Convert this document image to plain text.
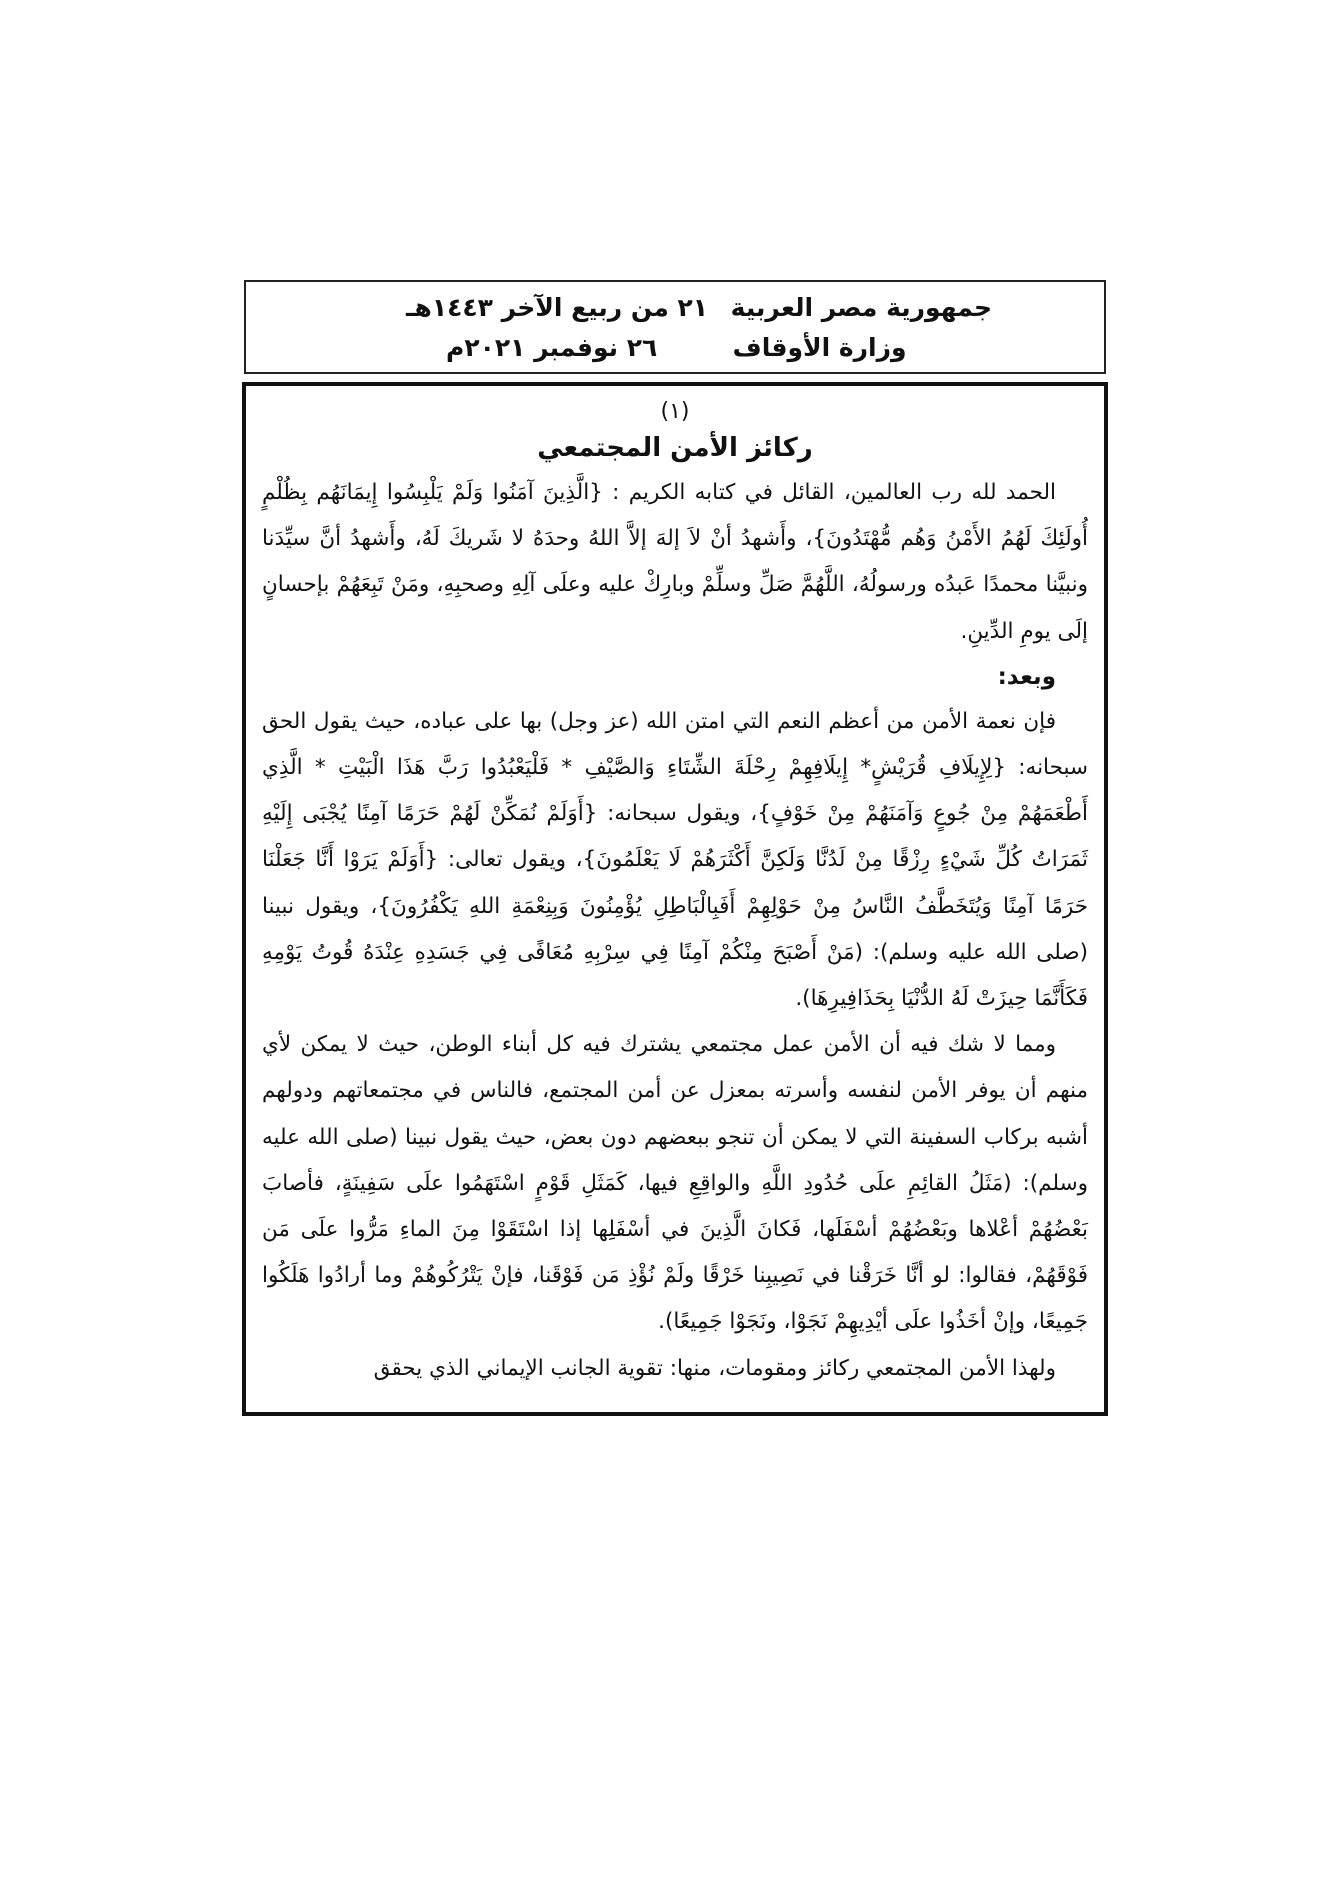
جمهورية مصر العربية
وزارة الأوقاف
٢١ من ربيع الآخر ١٤٤٣هـ
٢٦ نوفمبر ٢٠٢١م
(١)
ركائز الأمن المجتمعي

الحمد لله رب العالمين، القائل في كتابه الكريم : {الَّذِينَ آمَنُوا وَلَمْ يَلْبِسُوا إِيمَانَهُم بِظُلْمٍ أُولَئِكَ لَهُمُ الأَمْنُ وَهُم مُّهْتَدُونَ}، وأَشهدُ أنْ لاَ إلهَ إلاَّ اللهُ وحدَهُ لا شَريكَ لَهُ، وأَشهدُ أنَّ سيِّدَنا ونبيَّنا محمدًا عَبدُه ورسولُهُ، اللَّهُمَّ صَلِّ وسلِّمْ وبارِكْ عليه وعلَى آلِهِ وصحبِهِ، ومَنْ تَبِعَهُمْ بإحسانٍ إلَى يومِ الدِّينِ.

وبعد:

فإن نعمة الأمن من أعظم النعم التي امتن الله (عز وجل) بها على عباده، حيث يقول الحق سبحانه: {لِإِيلَافِ قُرَيْشٍ* إِيلَافِهِمْ رِحْلَةَ الشِّتَاءِ وَالصَّيْفِ * فَلْيَعْبُدُوا رَبَّ هَذَا الْبَيْتِ * الَّذِي أَطْعَمَهُمْ مِنْ جُوعٍ وَآمَنَهُمْ مِنْ خَوْفٍ}، ويقول سبحانه: {أَوَلَمْ نُمَكِّنْ لَهُمْ حَرَمًا آمِنًا يُجْبَى إِلَيْهِ ثَمَرَاتُ كُلِّ شَيْءٍ رِزْقًا مِنْ لَدُنَّا وَلَكِنَّ أَكْثَرَهُمْ لَا يَعْلَمُونَ}، ويقول تعالى: {أَوَلَمْ يَرَوْا أَنَّا جَعَلْنَا حَرَمًا آمِنًا وَيُتَخَطَّفُ النَّاسُ مِنْ حَوْلِهِمْ أَفَبِالْبَاطِلِ يُؤْمِنُونَ وَبِنِعْمَةِ اللهِ يَكْفُرُونَ}، ويقول نبينا (صلى الله عليه وسلم): (مَنْ أَصْبَحَ مِنْكُمْ آمِنًا فِي سِرْبِهِ مُعَافًى فِي جَسَدِهِ عِنْدَهُ قُوتُ يَوْمِهِ فَكَأَنَّمَا حِيزَتْ لَهُ الدُّنْيَا بِحَذَافِيرِهَا).

ومما لا شك فيه أن الأمن عمل مجتمعي يشترك فيه كل أبناء الوطن، حيث لا يمكن لأي منهم أن يوفر الأمن لنفسه وأسرته بمعزل عن أمن المجتمع، فالناس في مجتمعاتهم ودولهم أشبه بركاب السفينة التي لا يمكن أن تنجو ببعضهم دون بعض، حيث يقول نبينا (صلى الله عليه وسلم): (مَثَلُ القائِمِ علَى حُدُودِ اللَّهِ والواقِعِ فيها، كَمَثَلِ قَوْمٍ اسْتَهَمُوا علَى سَفِينَةٍ، فأصابَ بَعْضُهُمْ أعْلاها وبَعْضُهُمْ أسْفَلَها، فَكانَ الَّذِينَ في أسْفَلِها إذا اسْتَقَوْا مِنَ الماءِ مَرُّوا علَى مَن فَوْقَهُمْ، فقالوا: لو أنَّا خَرَقْنا في نَصِيبِنا خَرْقًا ولَمْ نُؤْذِ مَن فَوْقَنا، فإنْ يَتْرُكُوهُمْ وما أرادُوا هَلَكُوا جَمِيعًا، وإنْ أخَذُوا علَى أيْدِيهِمْ نَجَوْا، ونَجَوْا جَمِيعًا).

ولهذا الأمن المجتمعي ركائز ومقومات، منها: تقوية الجانب الإيماني الذي يحقق
